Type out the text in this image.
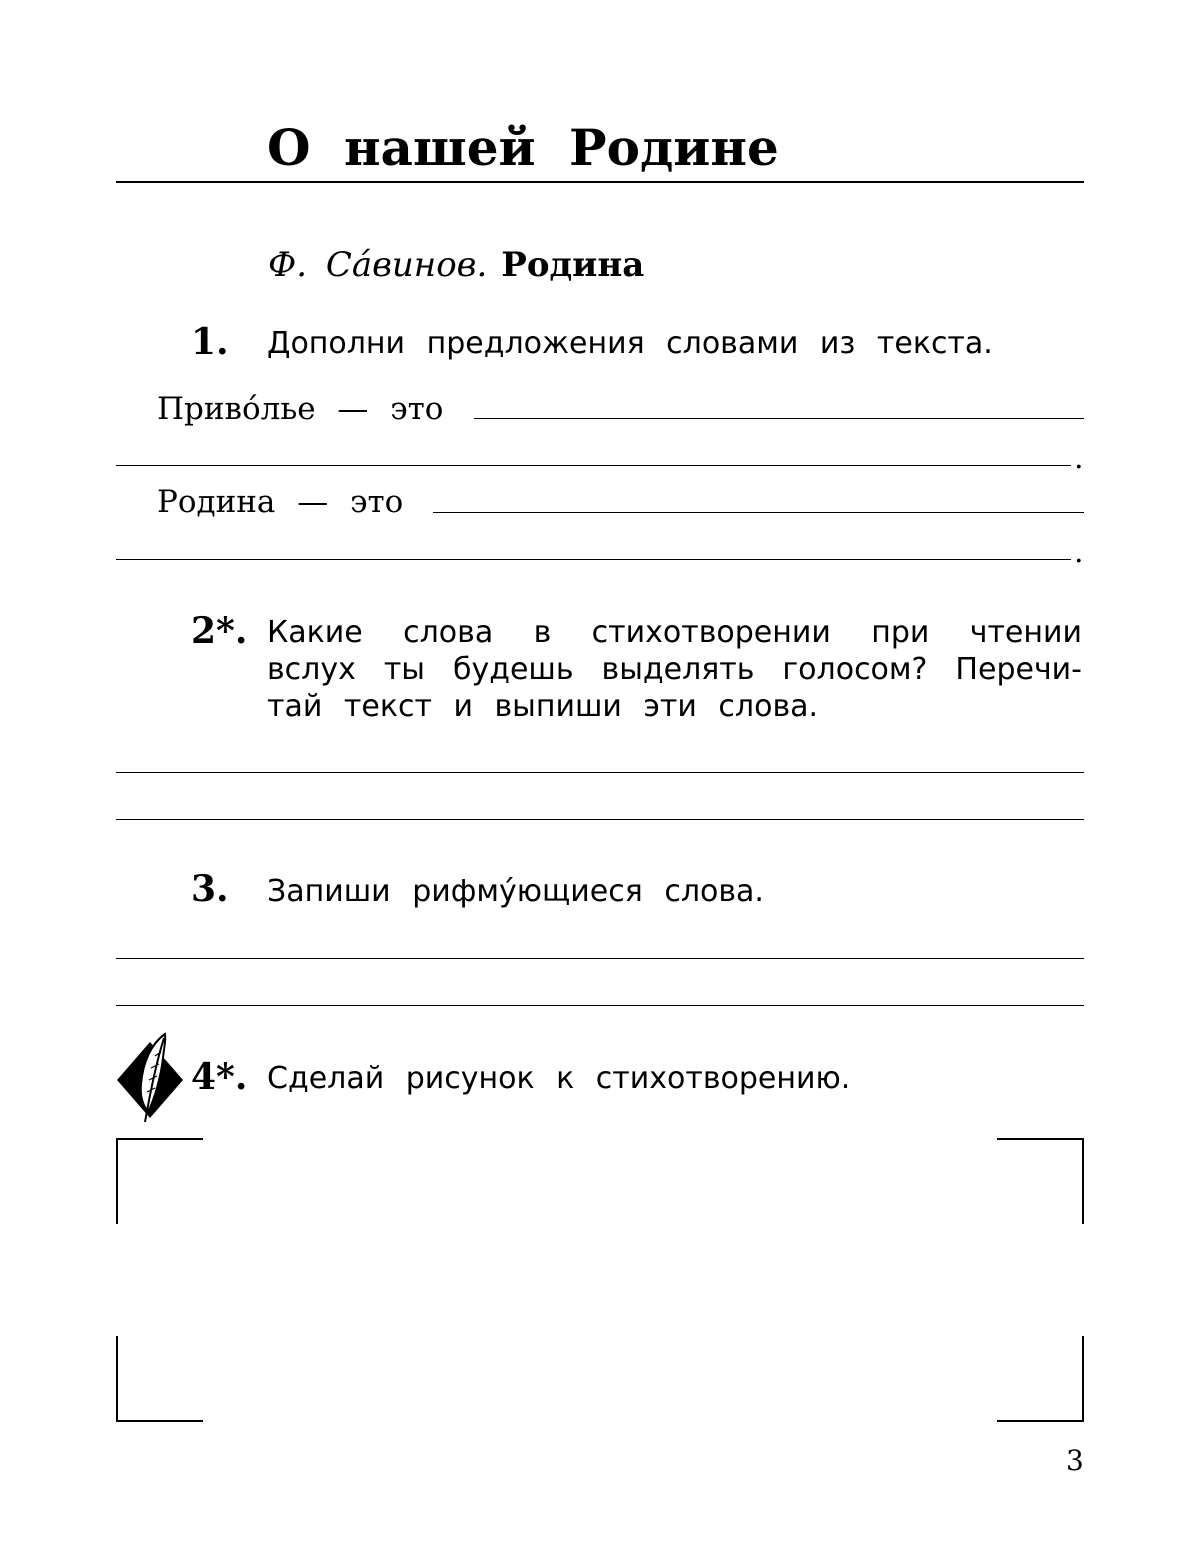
О нашей Родине
Ф. Са́винов. Родина
1. Дополни предложения словами из текста.
Приво́лье — это
.
Родина — это
.
2*. Какие слова в стихотворении при чтении
вслух ты будешь выделять голосом? Перечи-
тай текст и выпиши эти слова.
3. Запиши рифму́ющиеся слова.
4*. Сделай рисунок к стихотворению.
3
